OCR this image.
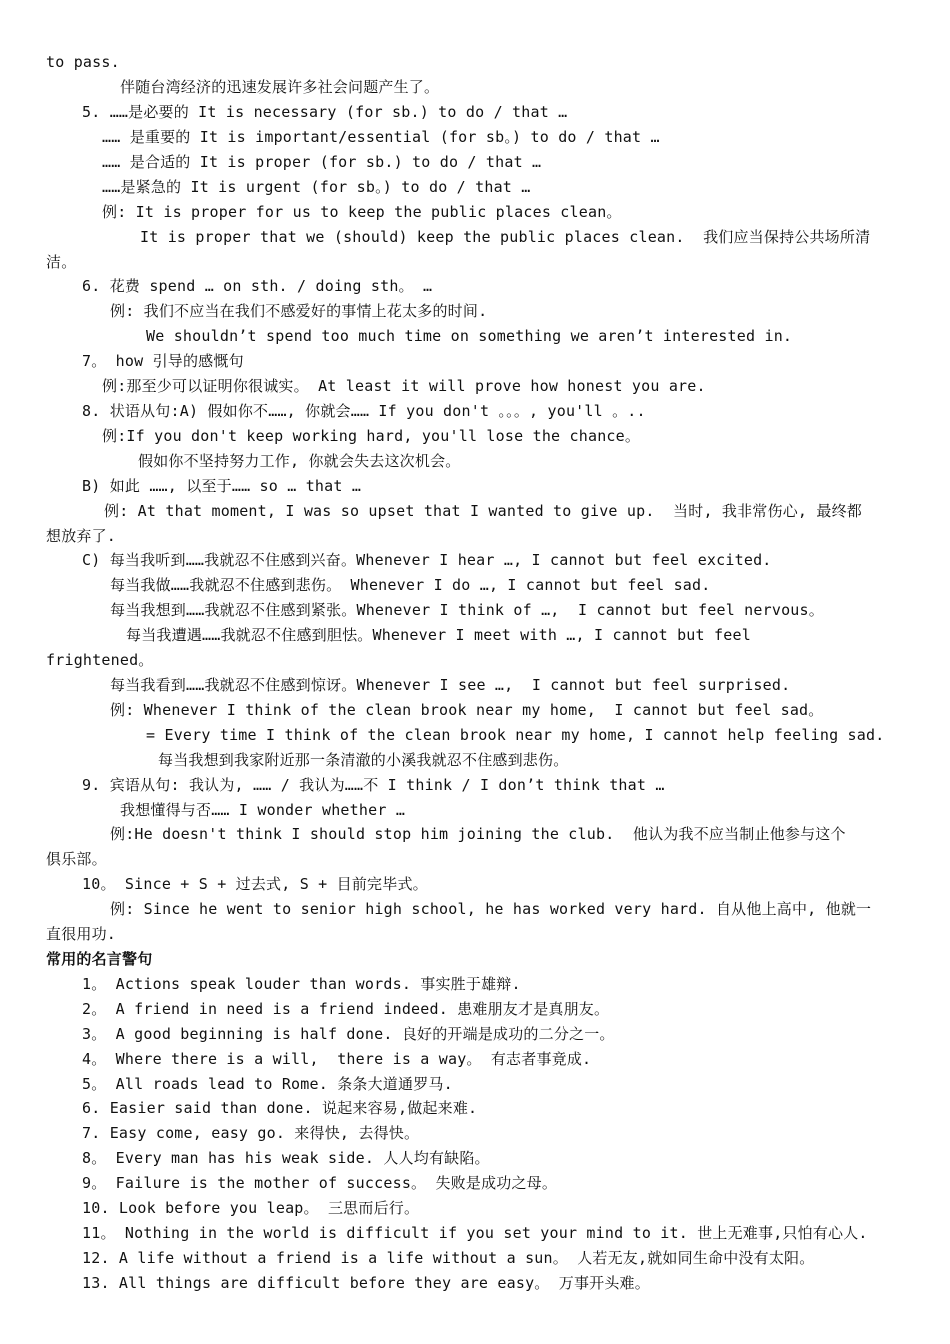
to pass.
伴随台湾经济的迅速发展许多社会问题产生了。
5. ……是必要的 It is necessary (for sb.) to do / that …
…… 是重要的 It is important/essential (for sb。) to do / that …
…… 是合适的 It is proper (for sb.) to do / that …
……是紧急的 It is urgent (for sb。) to do / that …
例: It is proper for us to keep the public places clean。
It is proper that we (should) keep the public places clean.  我们应当保持公共场所清
洁。
6. 花费 spend … on sth. / doing sth。 …
例: 我们不应当在我们不感爱好的事情上花太多的时间.
We shouldn’t spend too much time on something we aren’t interested in.
7。 how 引导的感慨句
例:那至少可以证明你很诚实。 At least it will prove how honest you are.
8. 状语从句:A) 假如你不……, 你就会…… If you don't 。。。, you'll 。..
例:If you don't keep working hard, you'll lose the chance。
假如你不坚持努力工作, 你就会失去这次机会。
B) 如此 ……, 以至于…… so … that …
例: At that moment, I was so upset that I wanted to give up.  当时, 我非常伤心, 最终都
想放弃了.
C) 每当我听到……我就忍不住感到兴奋。Whenever I hear …, I cannot but feel excited.
每当我做……我就忍不住感到悲伤。 Whenever I do …, I cannot but feel sad.
每当我想到……我就忍不住感到紧张。Whenever I think of …,  I cannot but feel nervous。
每当我遭遇……我就忍不住感到胆怯。Whenever I meet with …, I cannot but feel
frightened。
每当我看到……我就忍不住感到惊讶。Whenever I see …,  I cannot but feel surprised.
例: Whenever I think of the clean brook near my home,  I cannot but feel sad。
= Every time I think of the clean brook near my home, I cannot help feeling sad.
每当我想到我家附近那一条清澈的小溪我就忍不住感到悲伤。
9. 宾语从句: 我认为, …… / 我认为……不 I think / I don’t think that …
我想懂得与否…… I wonder whether …
例:He doesn't think I should stop him joining the club.  他认为我不应当制止他参与这个
俱乐部。
10。 Since + S + 过去式, S + 目前完毕式。
例: Since he went to senior high school, he has worked very hard. 自从他上高中, 他就一
直很用功.
常用的名言警句
1。 Actions speak louder than words. 事实胜于雄辩.
2。 A friend in need is a friend indeed. 患难朋友才是真朋友。
3。 A good beginning is half done. 良好的开端是成功的二分之一。
4。 Where there is a will,  there is a way。 有志者事竟成.
5。 All roads lead to Rome. 条条大道通罗马.
6. Easier said than done. 说起来容易,做起来难.
7. Easy come, easy go. 来得快, 去得快。
8。 Every man has his weak side. 人人均有缺陷。
9。 Failure is the mother of success。 失败是成功之母。
10. Look before you leap。 三思而后行。
11。 Nothing in the world is difficult if you set your mind to it. 世上无难事,只怕有心人.
12. A life without a friend is a life without a sun。 人若无友,就如同生命中没有太阳。
13. All things are difficult before they are easy。 万事开头难。
